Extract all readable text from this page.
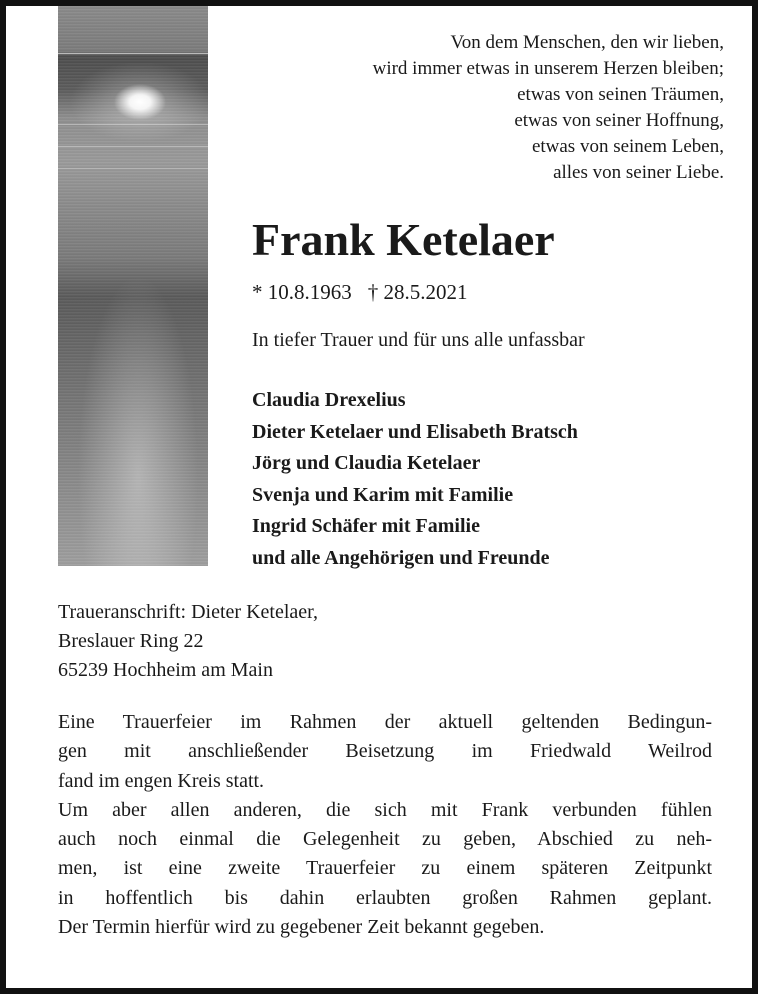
Von dem Menschen, den wir lieben,
wird immer etwas in unserem Herzen bleiben;
etwas von seinen Träumen,
etwas von seiner Hoffnung,
etwas von seinem Leben,
alles von seiner Liebe.
Frank Ketelaer
* 10.8.1963 † 28.5.2021
In tiefer Trauer und für uns alle unfassbar
Claudia Drexelius
Dieter Ketelaer und Elisabeth Bratsch
Jörg und Claudia Ketelaer
Svenja und Karim mit Familie
Ingrid Schäfer mit Familie
und alle Angehörigen und Freunde
Traueranschrift: Dieter Ketelaer,
Breslauer Ring 22
65239 Hochheim am Main
Eine Trauerfeier im Rahmen der aktuell geltenden Bedingun-
gen mit anschließender Beisetzung im Friedwald Weilrod
fand im engen Kreis statt.
Um aber allen anderen, die sich mit Frank verbunden fühlen
auch noch einmal die Gelegenheit zu geben, Abschied zu neh-
men, ist eine zweite Trauerfeier zu einem späteren Zeitpunkt
in hoffentlich bis dahin erlaubten großen Rahmen geplant.
Der Termin hierfür wird zu gegebener Zeit bekannt gegeben.
